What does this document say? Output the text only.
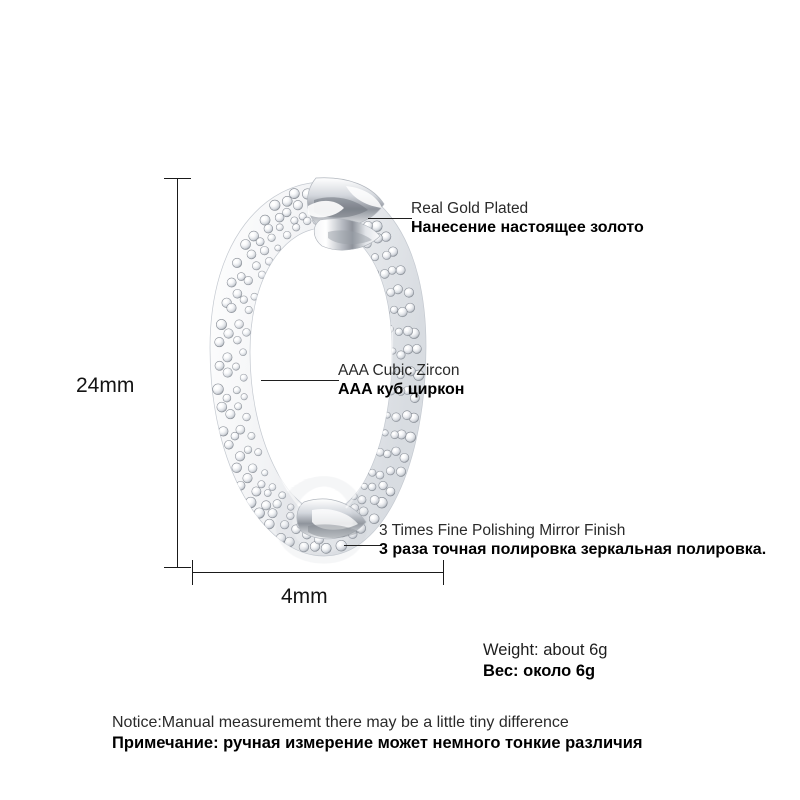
24mm
4mm
Real Gold Plated
Нанесение настоящее золото
AAA Cubic Zircon
AAA куб циркон
3 Times Fine Polishing Mirror Finish
3 раза точная полировка зеркальная полировка.
Weight: about 6g
Вес: около 6g
Notice:Manual measurememt there may be a little tiny difference
Примечание: ручная измерение может немного тонкие различия
